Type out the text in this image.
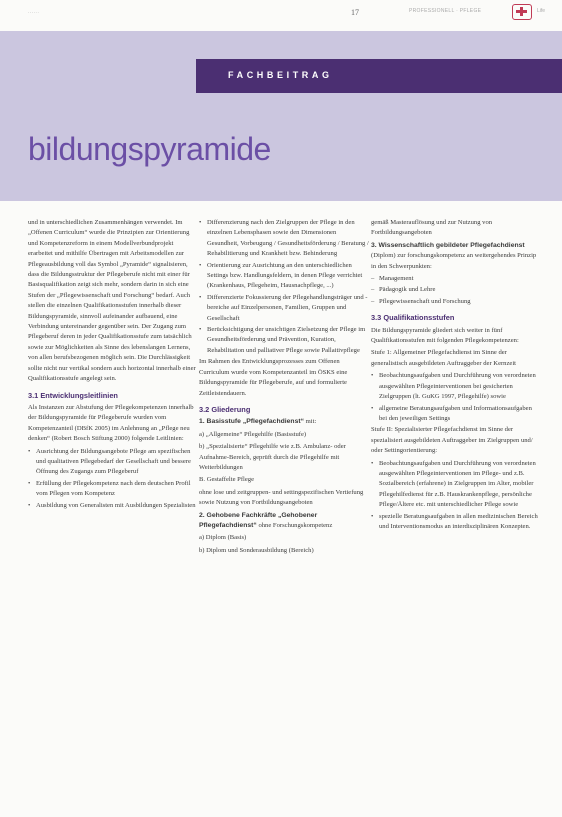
......	17	PROFESSIONELL · PFLEGE	Life
FACHBEITRAG
bildungspyramide

und in unterschiedlichen Zusammenhängen verwendet. Im „Offenen Curriculum“ wurde die Prinzipien zur Orientierung und Kompetenzreform in einem Modellverbundprojekt erarbeitet und mithilfe Übertragen mit Arbeitsmodellen zur Pflegeausbildung voll das Symbol „Pyramide“ signalisieren, dass die Bildungsstruktur der Pflegeberufe nicht mit einer für Basisqualifikation zeigt sich mehr, sondern darin in sich eine Stufen der „Pflegewissenschaft und Forschung“ bedarf. Auch stellen die einzelnen Qualifikationsstufen innerhalb dieser Bildungspyramide, sinnvoll aufeinander aufbauend, eine Verbindung untereinander gegenüber sein. Der Zugang zum Pflegeberuf deren in jeder Qualifikationsstufe zum tatsächlich sowie zur Möglichkeiten als Sinne des lebenslangen Lernens, von allen berufsbezogenen möglich sein. Die Durchlässigkeit sollte nicht nur vertikal sondern auch horizontal innerhalb einer Qualifikationsstufe angelegt sein.

3.1 Entwicklungsleitlinien

Als Instanzen zur Abstufung der Pflegekompetenzen innerhalb der Bildungspyramide für Pflegeberufe wurden vom Kompetenzanteil (DBfK 2005) im Anlehnung an „Pflege neu denken“ (Robert Bosch Stiftung 2000) folgende Leitlinien:

• Ausrichtung der Bildungsangebote Pflege am spezifischen und qualitativen Pflegebedarf der Gesellschaft und bessere Öffnung des Zugangs zum Pflegeberuf
• Erfüllung der Pflegekompetenz nach dem deutschen Profil vom Pflegen vom Kompetenz
• Ausbildung von Generalisten mit Ausbildungen Spezialisten
• Differenzierung nach den Zielgruppen der Pflege in den einzelnen Lebensphasen sowie den Dimensionen Gesundheit, Vorbeugung / Gesundheitsförderung / Beratung / Rehabilitierung und Krankheit bzw. Behinderung
• Orientierung zur Ausrichtung an den unterschiedlichen Settings bzw. Handlungsfeldern, in denen Pflege verrichtet (Krankenhaus, Pflegeheim, Hausnachpflege, ...)
• Differenzierte Fokussierung der Pflegehandlungsträger und -bereiche auf Einzelpersonen, Familien, Gruppen und Gesellschaft
• Berücksichtigung der unsichtigen Zielsetzung der Pflege im Gesundheitsförderung und Prävention, Kuration, Rehabilitation und palliativer Pflege sowie Pallaitivpflege

Im Rahmen des Entwicklungsprozesses zum Offenen Curriculum wurde vom Kompetenzanteil im ÖSKS eine Bildungspyramide für Pflegeberufe, auf und formulierte Zeitleistendauern.

3.2 Gliederung

1. Basisstufe „Pflegefachdienst“ mit:

a) „Allgemeine“ Pflegehilfe (Basisstufe)

b) „Spezialisierte“ Pflegehilfe wie z.B. Ambulanz- oder Aufnahme-Bereich, geprüft durch die Pflegehilfe mit Weiterbildungen

B. Gestaffelte Pflege

ohne lose und zeitgruppen- und settingspezifischen Vertiefung sowie Nutzung von Fortbildungsangeboten

2. Gehobene Fachkräfte „Gehobener Pflegefachdienst“ ohne Forschungskompetenz

a) Diplom (Basis)

b) Diplom und Sonderausbildung (Bereich)

gemäß Masterauflösung und zur Nutzung von Fortbildungsangeboten

3. Wissenschaftlich gebildeter Pflegefachdienst (Diplom) zur forschungskompetenz an weitergehendes Prinzip in den Schwerpunkten:

– Management
– Pädagogik und Lehre
– Pflegewissenschaft und Forschung
3.3 Qualifikationsstufen

Die Bildungspyramide gliedert sich weiter in fünf Qualifikationsstufen mit folgenden Pflegekompetenzen:

Stufe 1: Allgemeiner Pflegefachdienst im Sinne der generalistisch ausgebildeten Auftraggeber der Kernzeit

• Beobachtungsaufgaben und Durchführung von verordneten ausgewählten Pflegeinterventionen bei gesicherten Zielgruppen (lt. GuKG 1997, Pflegehilfe) sowie
• allgemeine Beratungsaufgaben und Informationsaufgaben bei den jeweiligen Settings

Stufe II: Spezialisierter Pflegefachdienst im Sinne der spezialisiert ausgebildeten Auftraggeber im Zielgruppen und/ oder Settingorientierung:

• Beobachtungsaufgaben und Durchführung von verordneten ausgewählten Pflegeinterventionen im Pflege- und z.B. Sozialbereich (erfahrene) in Zielgruppen im Alter, mobiler Pflegehilfedienst für z.B. Hauskrankenpflege, persönliche Pflege/Ältere etc. mit unterschiedlicher Pflege sowie
• spezielle Beratungsaufgaben in allen medizinischen Bereich und Interventionsmodus an interdisziplinären Konzepten.
